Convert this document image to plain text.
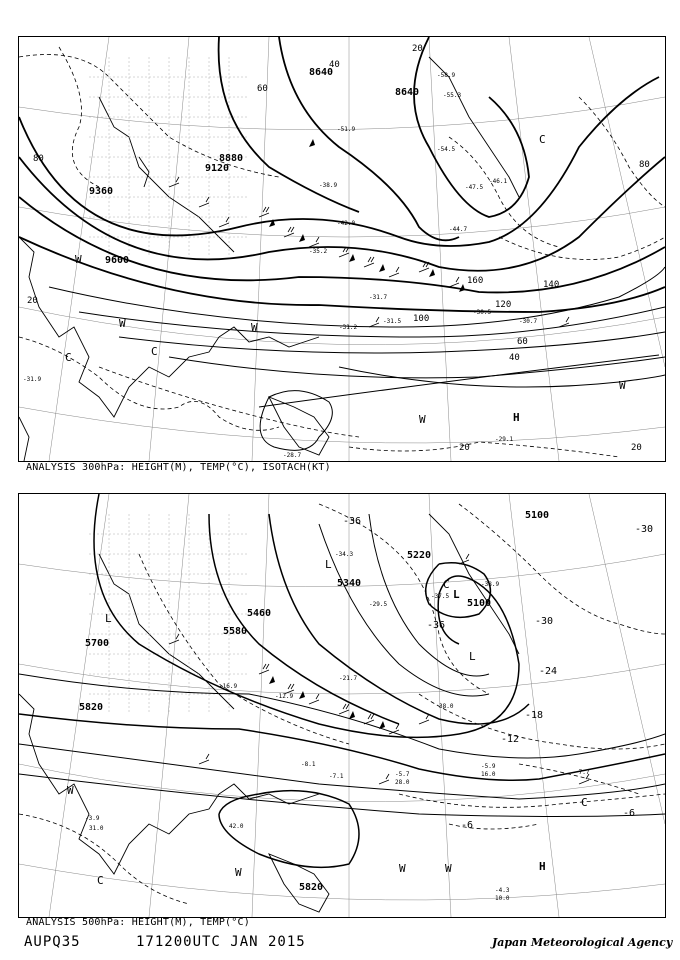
8640
8640
8880
9120
9360
9600
20
40
60
80
100
120
140
160
40
60
80
20	20
20
-58.9
-55.3
-54.5
-51.9
-47.5
-46.1
-44.7
-42.0
-38.9
-35.2
-31.7
-31.5	-30.7
-30.5
-31.2
-29.1
-28.7
-31.9
H
W
W	W
W
W
C	C
C
ANALYSIS 300hPa: HEIGHT(M), TEMP(°C), ISOTACH(KT)
5100
5100
5220
5340
5460
5580
5700
5820
5820
-36
-36
-30
-30
-24
-18
-12
-6
-6
-34.3
-38.9
-37.5
-29.5
-21.7
-16.9
-12.9
-8.1
-7.1	-5.7
-5.9
-4.3
-3.9
-7.7
16.0
28.0
10.0
42.0
31.0
38.0
L
L
L
L
C
C
C
H
W
W	W	W
ANALYSIS 500hPa: HEIGHT(M), TEMP(°C)
AUPQ35	171200UTC JAN 2015	Japan Meteorological Agency
